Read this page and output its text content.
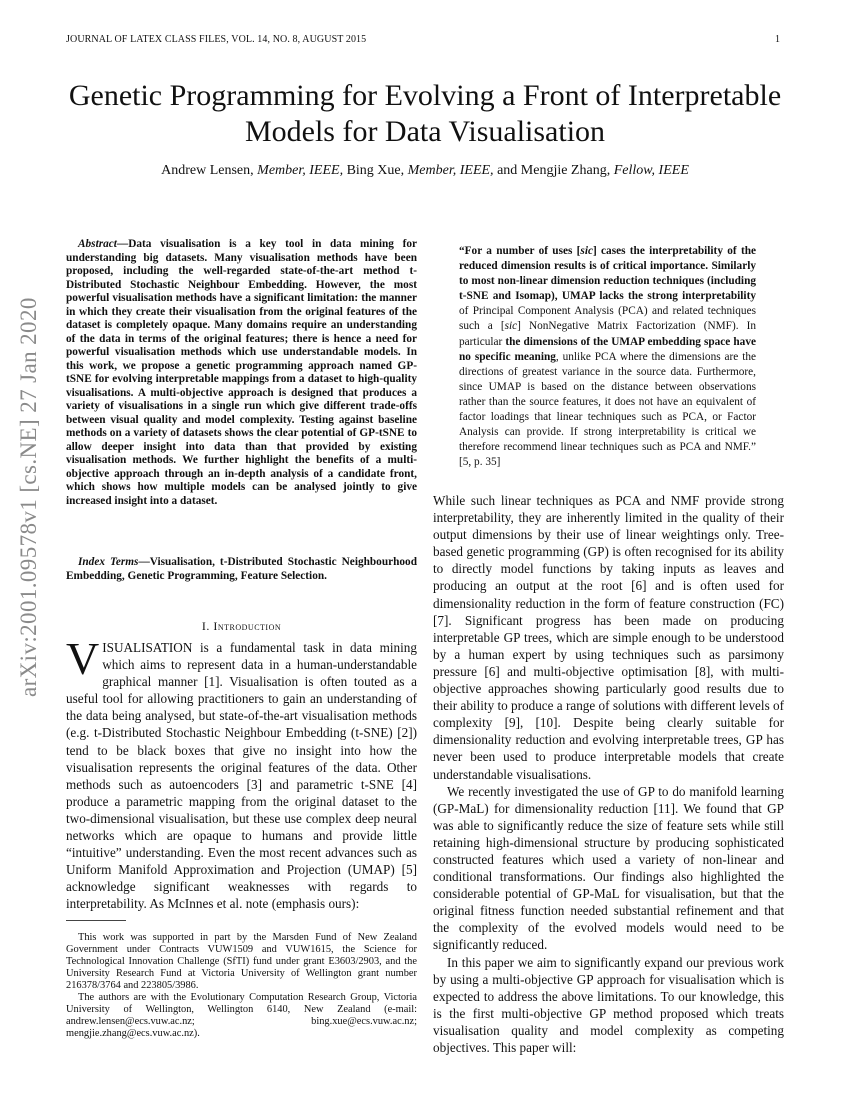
JOURNAL OF LATEX CLASS FILES, VOL. 14, NO. 8, AUGUST 2015	1
Genetic Programming for Evolving a Front of Interpretable Models for Data Visualisation
Andrew Lensen, Member, IEEE, Bing Xue, Member, IEEE, and Mengjie Zhang, Fellow, IEEE
arXiv:2001.09578v1 [cs.NE] 27 Jan 2020
Abstract—Data visualisation is a key tool in data mining for understanding big datasets. Many visualisation methods have been proposed, including the well-regarded state-of-the-art method t-Distributed Stochastic Neighbour Embedding. However, the most powerful visualisation methods have a significant limitation: the manner in which they create their visualisation from the original features of the dataset is completely opaque. Many domains require an understanding of the data in terms of the original features; there is hence a need for powerful visualisation methods which use understandable models. In this work, we propose a genetic programming approach named GP-tSNE for evolving interpretable mappings from a dataset to high-quality visualisations. A multi-objective approach is designed that produces a variety of visualisations in a single run which give different trade-offs between visual quality and model complexity. Testing against baseline methods on a variety of datasets shows the clear potential of GP-tSNE to allow deeper insight into data than that provided by existing visualisation methods. We further highlight the benefits of a multi-objective approach through an in-depth analysis of a candidate front, which shows how multiple models can be analysed jointly to give increased insight into a dataset.
Index Terms—Visualisation, t-Distributed Stochastic Neighbourhood Embedding, Genetic Programming, Feature Selection.
I. Introduction
VISUALISATION is a fundamental task in data mining which aims to represent data in a human-understandable graphical manner [1]. Visualisation is often touted as a useful tool for allowing practitioners to gain an understanding of the data being analysed, but state-of-the-art visualisation methods (e.g. t-Distributed Stochastic Neighbour Embedding (t-SNE) [2]) tend to be black boxes that give no insight into how the visualisation represents the original features of the data. Other methods such as autoencoders [3] and parametric t-SNE [4] produce a parametric mapping from the original dataset to the two-dimensional visualisation, but these use complex deep neural networks which are opaque to humans and provide little “intuitive” understanding. Even the most recent advances such as Uniform Manifold Approximation and Projection (UMAP) [5] acknowledge significant weaknesses with regards to interpretability. As McInnes et al. note (emphasis ours):

This work was supported in part by the Marsden Fund of New Zealand Government under Contracts VUW1509 and VUW1615, the Science for Technological Innovation Challenge (SfTI) fund under grant E3603/2903, and the University Research Fund at Victoria University of Wellington grant number 216378/3764 and 223805/3986.

The authors are with the Evolutionary Computation Research Group, Victoria University of Wellington, Wellington 6140, New Zealand (e-mail: andrew.lensen@ecs.vuw.ac.nz; bing.xue@ecs.vuw.ac.nz; mengjie.zhang@ecs.vuw.ac.nz).

“For a number of uses [sic] cases the interpretability of the reduced dimension results is of critical importance. Similarly to most non-linear dimension reduction techniques (including t-SNE and Isomap), UMAP lacks the strong interpretability of Principal Component Analysis (PCA) and related techniques such a [sic] NonNegative Matrix Factorization (NMF). In particular the dimensions of the UMAP embedding space have no specific meaning, unlike PCA where the dimensions are the directions of greatest variance in the source data. Furthermore, since UMAP is based on the distance between observations rather than the source features, it does not have an equivalent of factor loadings that linear techniques such as PCA, or Factor Analysis can provide. If strong interpretability is critical we therefore recommend linear techniques such as PCA and NMF.” [5, p. 35]

While such linear techniques as PCA and NMF provide strong interpretability, they are inherently limited in the quality of their output dimensions by their use of linear weightings only. Tree-based genetic programming (GP) is often recognised for its ability to directly model functions by taking inputs as leaves and producing an output at the root [6] and is often used for dimensionality reduction in the form of feature construction (FC) [7]. Significant progress has been made on producing interpretable GP trees, which are simple enough to be understood by a human expert by using techniques such as parsimony pressure [6] and multi-objective optimisation [8], with multi-objective approaches showing particularly good results due to their ability to produce a range of solutions with different levels of complexity [9], [10]. Despite being clearly suitable for dimensionality reduction and evolving interpretable trees, GP has never been used to produce interpretable models that create understandable visualisations.

We recently investigated the use of GP to do manifold learning (GP-MaL) for dimensionality reduction [11]. We found that GP was able to significantly reduce the size of feature sets while still retaining high-dimensional structure by producing sophisticated constructed features which used a variety of non-linear and conditional transformations. Our findings also highlighted the considerable potential of GP-MaL for visualisation, but that the original fitness function needed substantial refinement and that the complexity of the evolved models would need to be significantly reduced.

In this paper we aim to significantly expand our previous work by using a multi-objective GP approach for visualisation which is expected to address the above limitations. To our knowledge, this is the first multi-objective GP method proposed which treats visualisation quality and model complexity as competing objectives. This paper will:
